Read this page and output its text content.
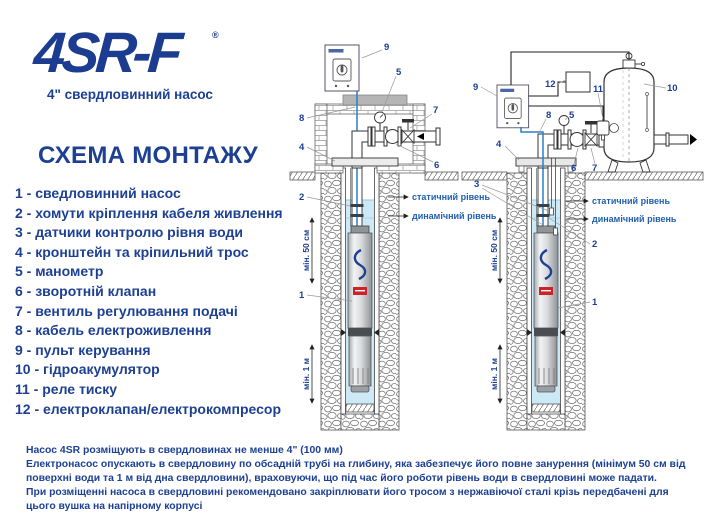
4SR-F	®
4" свердловинний насос
СХЕМА МОНТАЖУ
1 - сведловинний насос
2 - хомути кріплення кабеля живлення
3 - датчики контролю рівня води
4 - кронштейн та кріпильний трос
5 - манометр
6 - зворотній клапан
7 - вентиль регулювання подачі
8 - кабель електроживлення
9 - пульт керування
10 - гідроакумулятор
11 - реле тиску
12 - електроклапан/електрокомпресор
статичний рівень
динамічний рівень
9
5
7
8
4
6
2
1
статичний рівень
динамічний рівень
9	12	11	10
8 5
4
6 7
3
2
1

Насос 4SR розміщують в свердловинах не менше 4" (100 мм)

Електронасос опускають в свердловину по обсадній трубі на глибину, яка забезпечує його повне занурення (мінімум 50 см від поверхні води та 1 м від дна свердловини), враховуючи, що під час його роботи рівень води в свердловині може падати.

При розміщенні насоса в свердловині рекомендовано закріплювати його тросом з нержавіючої сталі крізь передбачені для цього вушка на напірному корпусі
